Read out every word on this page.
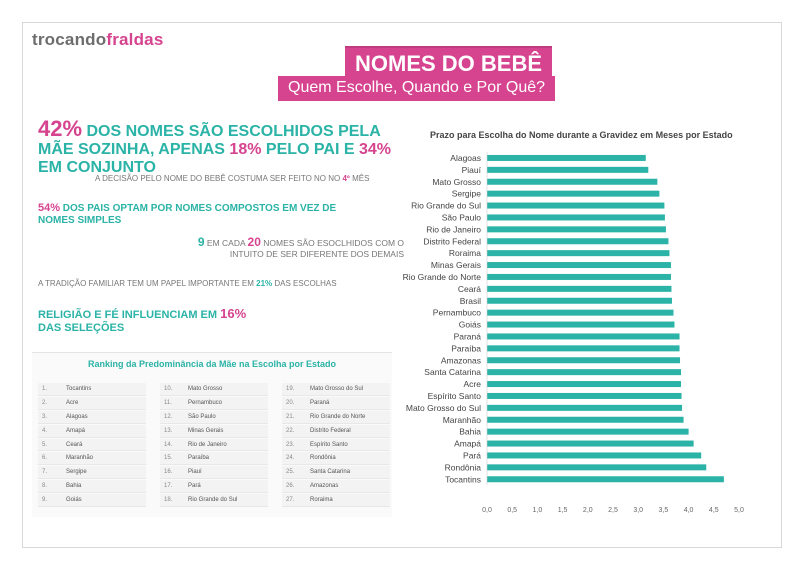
trocandofraldas
NOMES DO BEBÊ
Quem Escolhe, Quando e Por Quê?
42% DOS NOMES SÃO ESCOLHIDOS PELA MÃE SOZINHA, APENAS 18% PELO PAI E 34% EM CONJUNTO
A DECISÃO PELO NOME DO BEBÊ COSTUMA SER FEITO NO NO 4º MÊS
54% DOS PAIS OPTAM POR NOMES COMPOSTOS EM VEZ DE NOMES SIMPLES
9 EM CADA 20 NOMES SÃO ESOCLHIDOS COM O INTUITO DE SER DIFERENTE DOS DEMAIS
A TRADIÇÃO FAMILIAR TEM UM PAPEL IMPORTANTE EM 21% DAS ESCOLHAS
RELIGIÃO E FÉ INFLUENCIAM EM 16%
DAS SELEÇÕES
Ranking da Predominância da Mãe na Escolha por Estado
1.	Tocantins
2.	Acre
3.	Alagoas
4.	Amapá
5.	Ceará
6.	Maranhão
7.	Sergipe
8.	Bahia
9.	Goiás
10.	Mato Grosso
11.	Pernambuco
12.	São Paulo
13.	Minas Gerais
14.	Rio de Janeiro
15.	Paraíba
16.	Piauí
17.	Pará
18.	Rio Grande do Sul
19.	Mato Grosso do Sul
20.	Paraná
21.	Rio Grande do Norte
22.	Distrito Federal
23.	Espírito Santo
24.	Rondônia
25.	Santa Catarina
26.	Amazonas
27.	Roraima
Prazo para Escolha do Nome durante a Gravidez em Meses por Estado
Alagoas
Piauí
Mato Grosso
Sergipe
Rio Grande do Sul
São Paulo
Rio de Janeiro
Distrito Federal
Roraima
Minas Gerais
Rio Grande do Norte
Ceará
Brasil
Pernambuco
Goiás
Paraná
Paraíba
Amazonas
Santa Catarina
Acre
Espírito Santo
Mato Grosso do Sul
Maranhão
Bahia
Amapá
Pará
Rondônia
Tocantins
0,0 0,5 1,0 1,5 2,0 2,5 3,0 3,5 4,0 4,5 5,0
